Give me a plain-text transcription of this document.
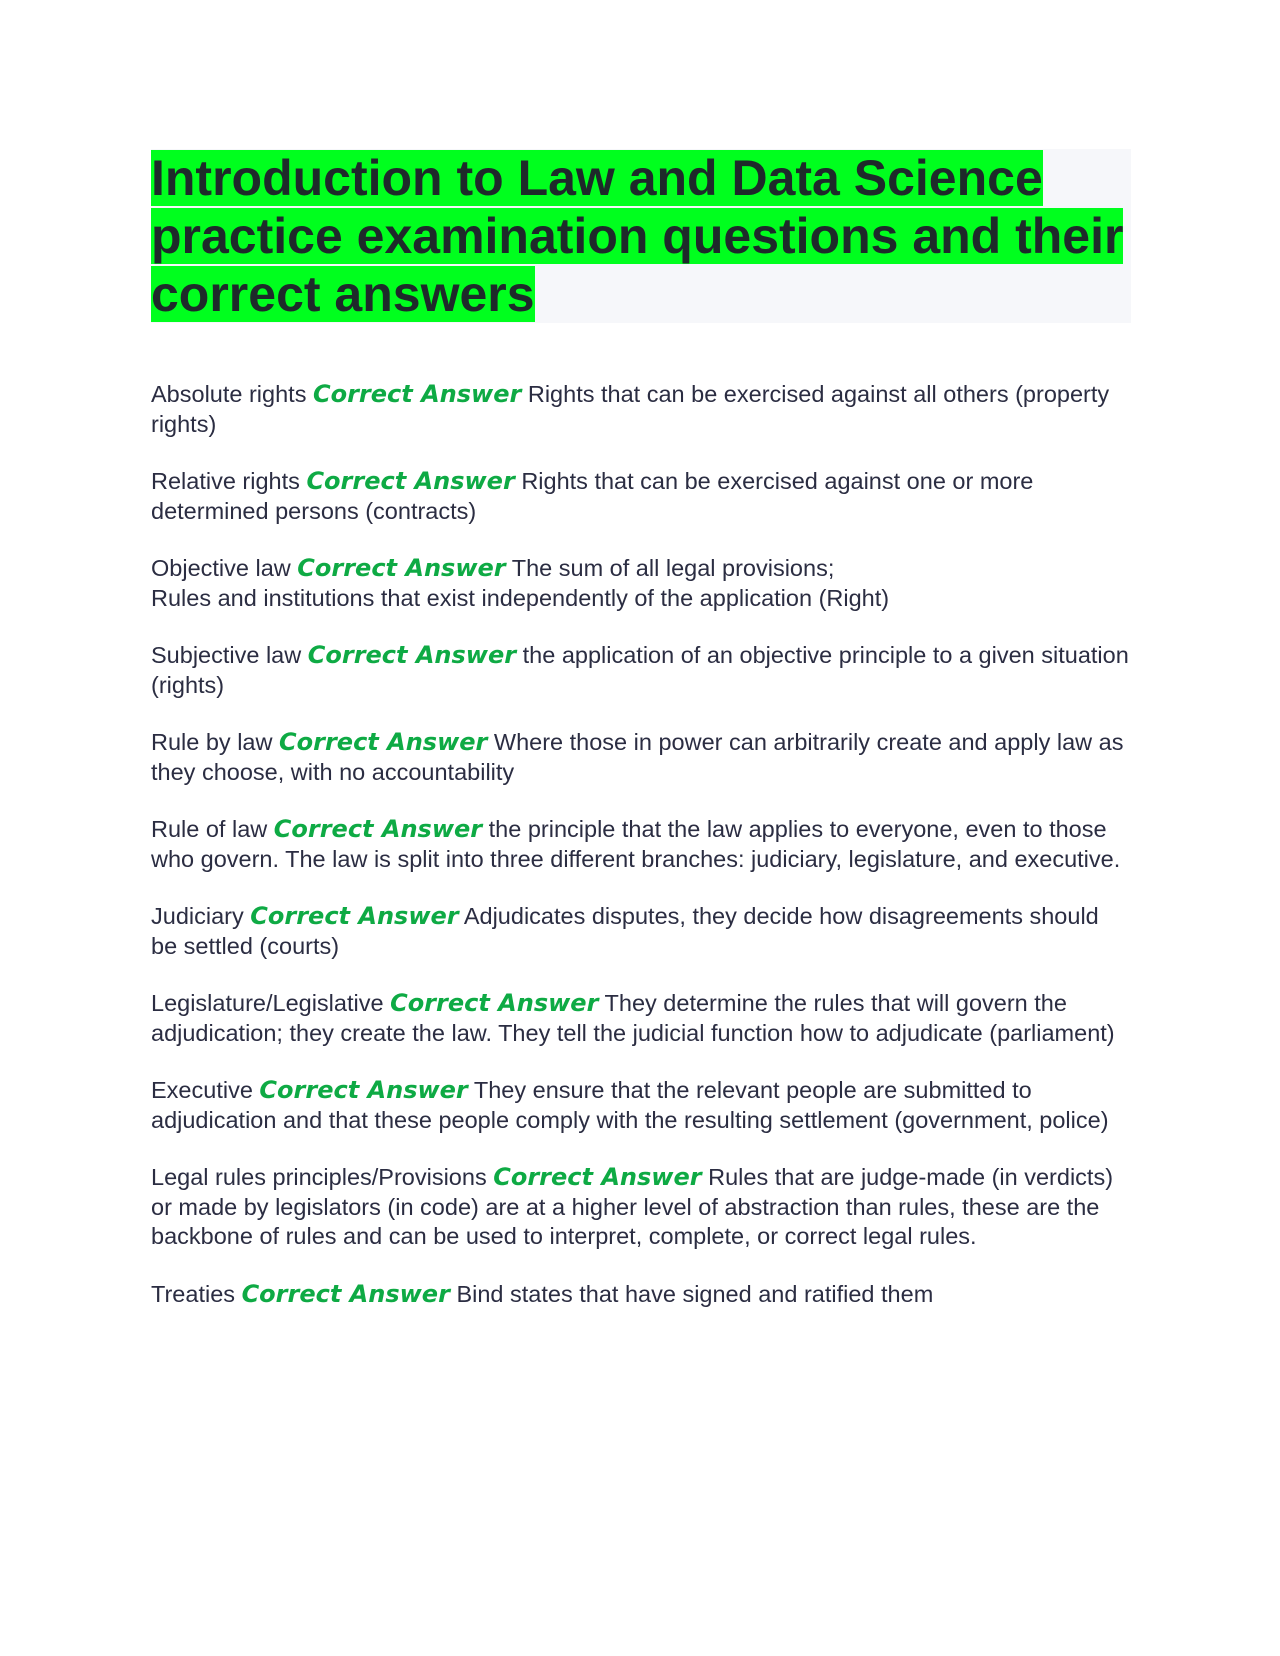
Introduction to Law and Data Science practice examination questions and their correct answers

Absolute rights Correct Answer Rights that can be exercised against all others (property rights)

Relative rights Correct Answer Rights that can be exercised against one or more determined persons (contracts)

Objective law Correct Answer The sum of all legal provisions;
Rules and institutions that exist independently of the application (Right)

Subjective law Correct Answer the application of an objective principle to a given situation (rights)

Rule by law Correct Answer Where those in power can arbitrarily create and apply law as they choose, with no accountability

Rule of law Correct Answer the principle that the law applies to everyone, even to those who govern. The law is split into three different branches: judiciary, legislature, and executive.

Judiciary Correct Answer Adjudicates disputes, they decide how disagreements should be settled (courts)

Legislature/Legislative Correct Answer They determine the rules that will govern the adjudication; they create the law. They tell the judicial function how to adjudicate (parliament)

Executive Correct Answer They ensure that the relevant people are submitted to adjudication and that these people comply with the resulting settlement (government, police)

Legal rules principles/Provisions Correct Answer Rules that are judge-made (in verdicts) or made by legislators (in code) are at a higher level of abstraction than rules, these are the backbone of rules and can be used to interpret, complete, or correct legal rules.

Treaties Correct Answer Bind states that have signed and ratified them
